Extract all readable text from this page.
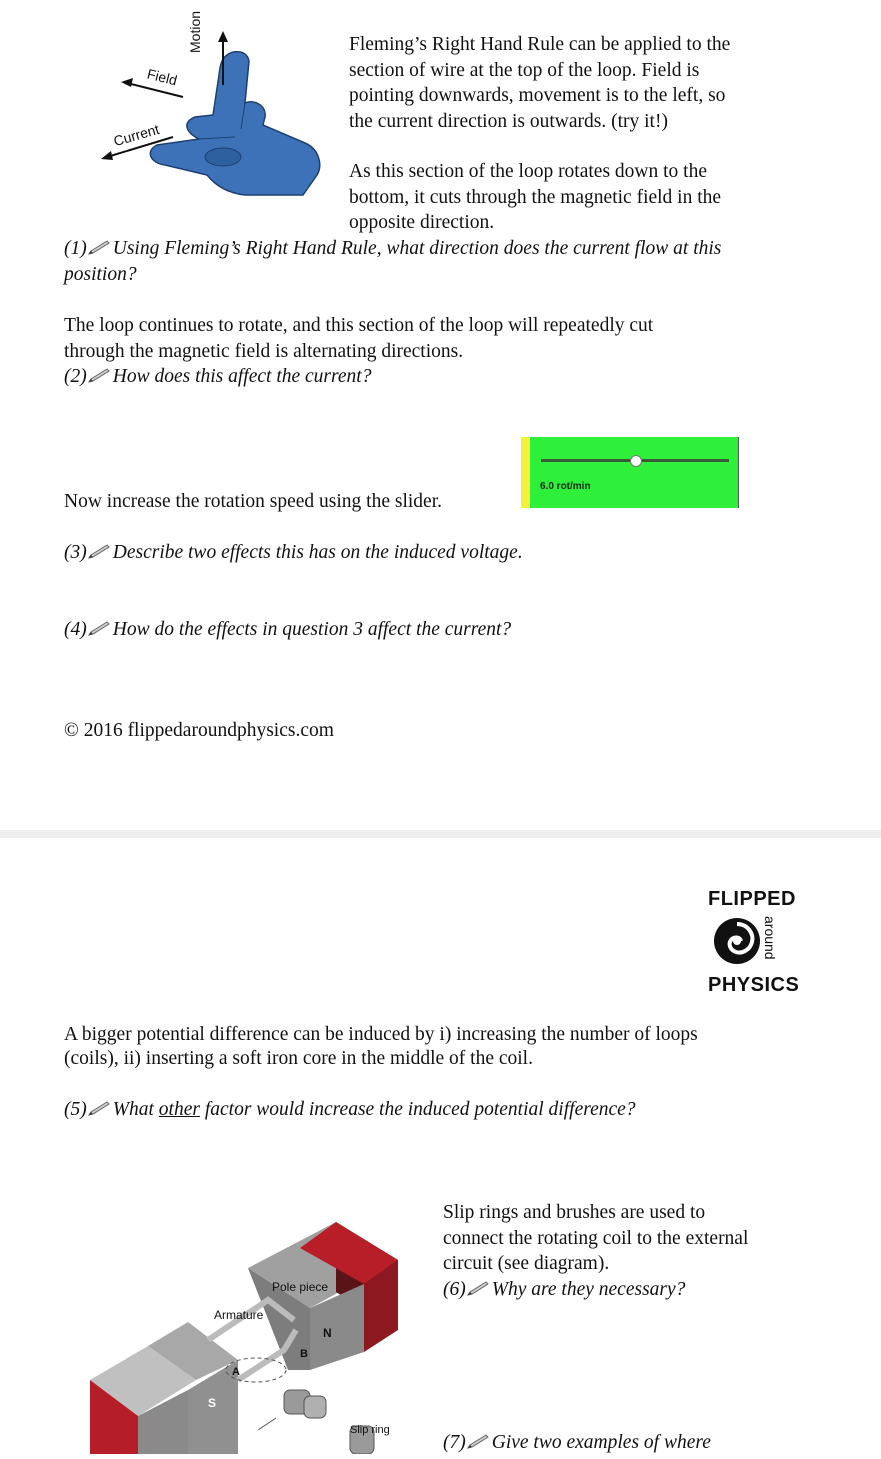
Field
Motion
Current
Fleming’s Right Hand Rule can be applied to the
section of wire at the top of the loop. Field is
pointing downwards, movement is to the left, so
the current direction is outwards. (try it!)
As this section of the loop rotates down to the
bottom, it cuts through the magnetic field in the
opposite direction.
(1) Using Fleming’s Right Hand Rule, what direction does the current flow at this
position?
The loop continues to rotate, and this section of the loop will repeatedly cut
through the magnetic field is alternating directions.
(2) How does this affect the current?
Now increase the rotation speed using the slider.
6.0 rot/min
(3) Describe two effects this has on the induced voltage.
(4) How do the effects in question 3 affect the current?
© 2016 flippedaroundphysics.com
FLIPPED
around
PHYSICS
A bigger potential difference can be induced by i) increasing the number of loops
(coils), ii) inserting a soft iron core in the middle of the coil.
(5) What other factor would increase the induced potential difference?
Slip rings and brushes are used to
connect the rotating coil to the external
circuit (see diagram).
(6) Why are they necessary?
(7) Give two examples of where
Pole piece
Armature
N
B
A
S
Slip ring
